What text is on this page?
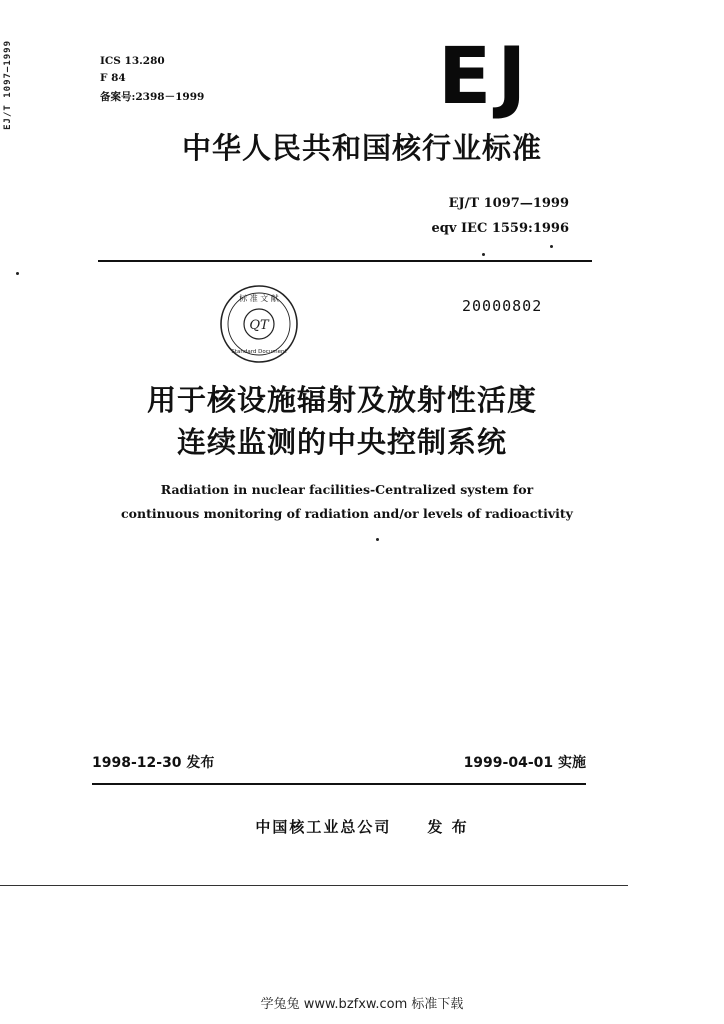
EJ/T 1097—1999	ICS 13.280
F 84
备案号:2398－1999	EJ
中华人民共和国核行业标准
EJ/T 1097—1999
eqv IEC 1559:1996
标 准 文 献
QT
Standard Document
20000802
用于核设施辐射及放射性活度
连续监测的中央控制系统
Radiation in nuclear facilities-Centralized system for
continuous monitoring of radiation and/or levels of radioactivity
1998-12-30 发布	1999-04-01 实施
中国核工业总公司 发 布
学兔兔 www.bzfxw.com 标准下载
